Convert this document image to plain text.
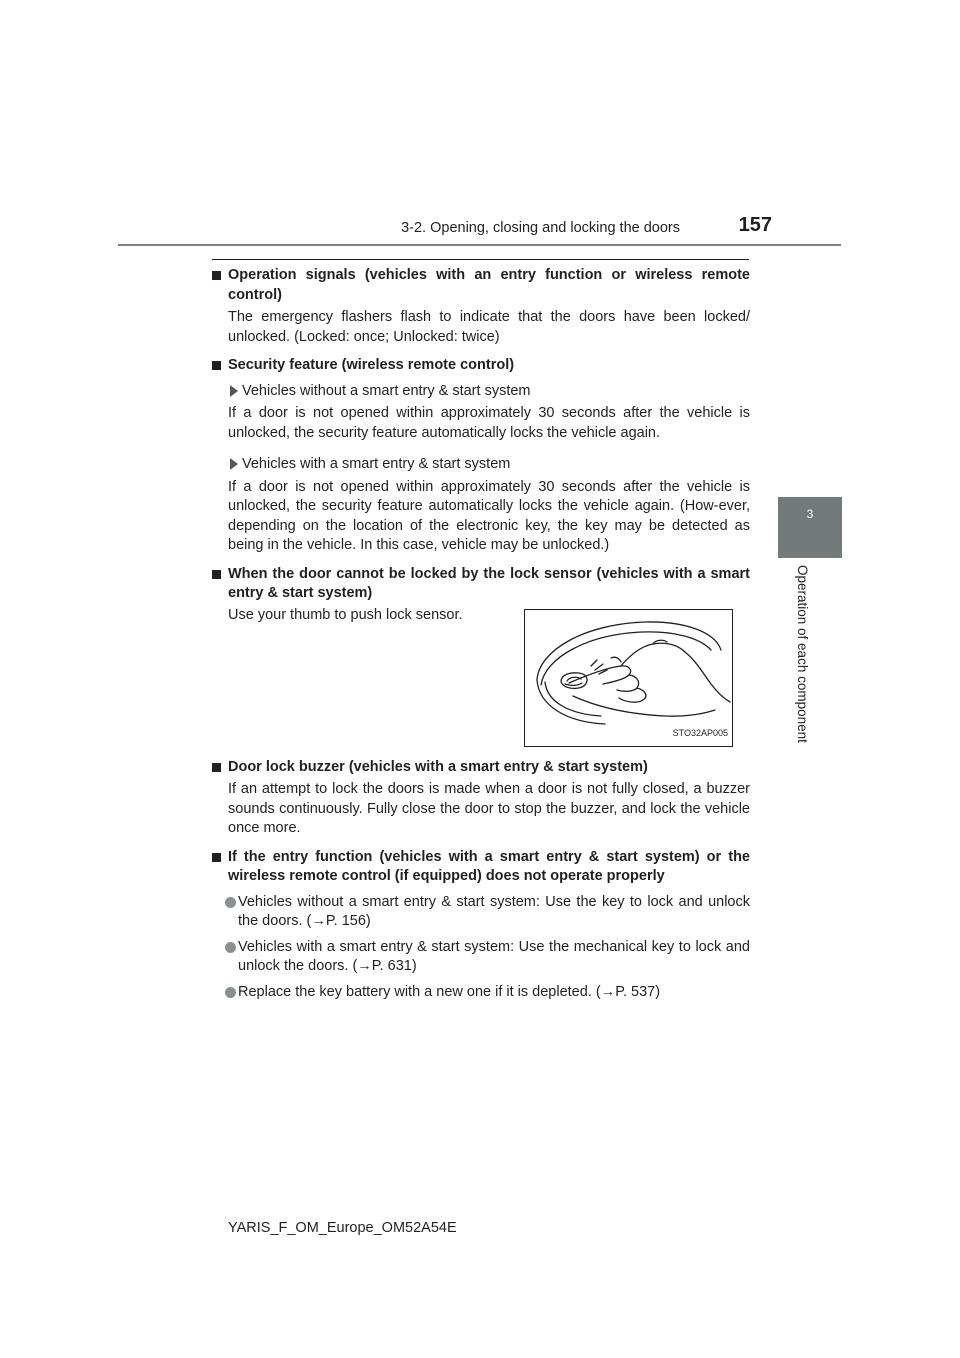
3-2. Opening, closing and locking the doors	157
3
Operation of each component
Operation signals (vehicles with an entry function or wireless remote control)
The emergency flashers flash to indicate that the doors have been locked/ unlocked. (Locked: once; Unlocked: twice)
Security feature (wireless remote control)
Vehicles without a smart entry & start system
If a door is not opened within approximately 30 seconds after the vehicle is unlocked, the security feature automatically locks the vehicle again.
Vehicles with a smart entry & start system
If a door is not opened within approximately 30 seconds after the vehicle is unlocked, the security feature automatically locks the vehicle again. (How-ever, depending on the location of the electronic key, the key may be detected as being in the vehicle. In this case, vehicle may be unlocked.)
When the door cannot be locked by the lock sensor (vehicles with a smart entry & start system)
Use your thumb to push lock sensor.
STO32AP005
Door lock buzzer (vehicles with a smart entry & start system)
If an attempt to lock the doors is made when a door is not fully closed, a buzzer sounds continuously. Fully close the door to stop the buzzer, and lock the vehicle once more.
If the entry function (vehicles with a smart entry & start system) or the wireless remote control (if equipped) does not operate properly
Vehicles without a smart entry & start system: Use the key to lock and unlock the doors. (→P. 156)
Vehicles with a smart entry & start system: Use the mechanical key to lock and unlock the doors. (→P. 631)
Replace the key battery with a new one if it is depleted. (→P. 537)
YARIS_F_OM_Europe_OM52A54E
